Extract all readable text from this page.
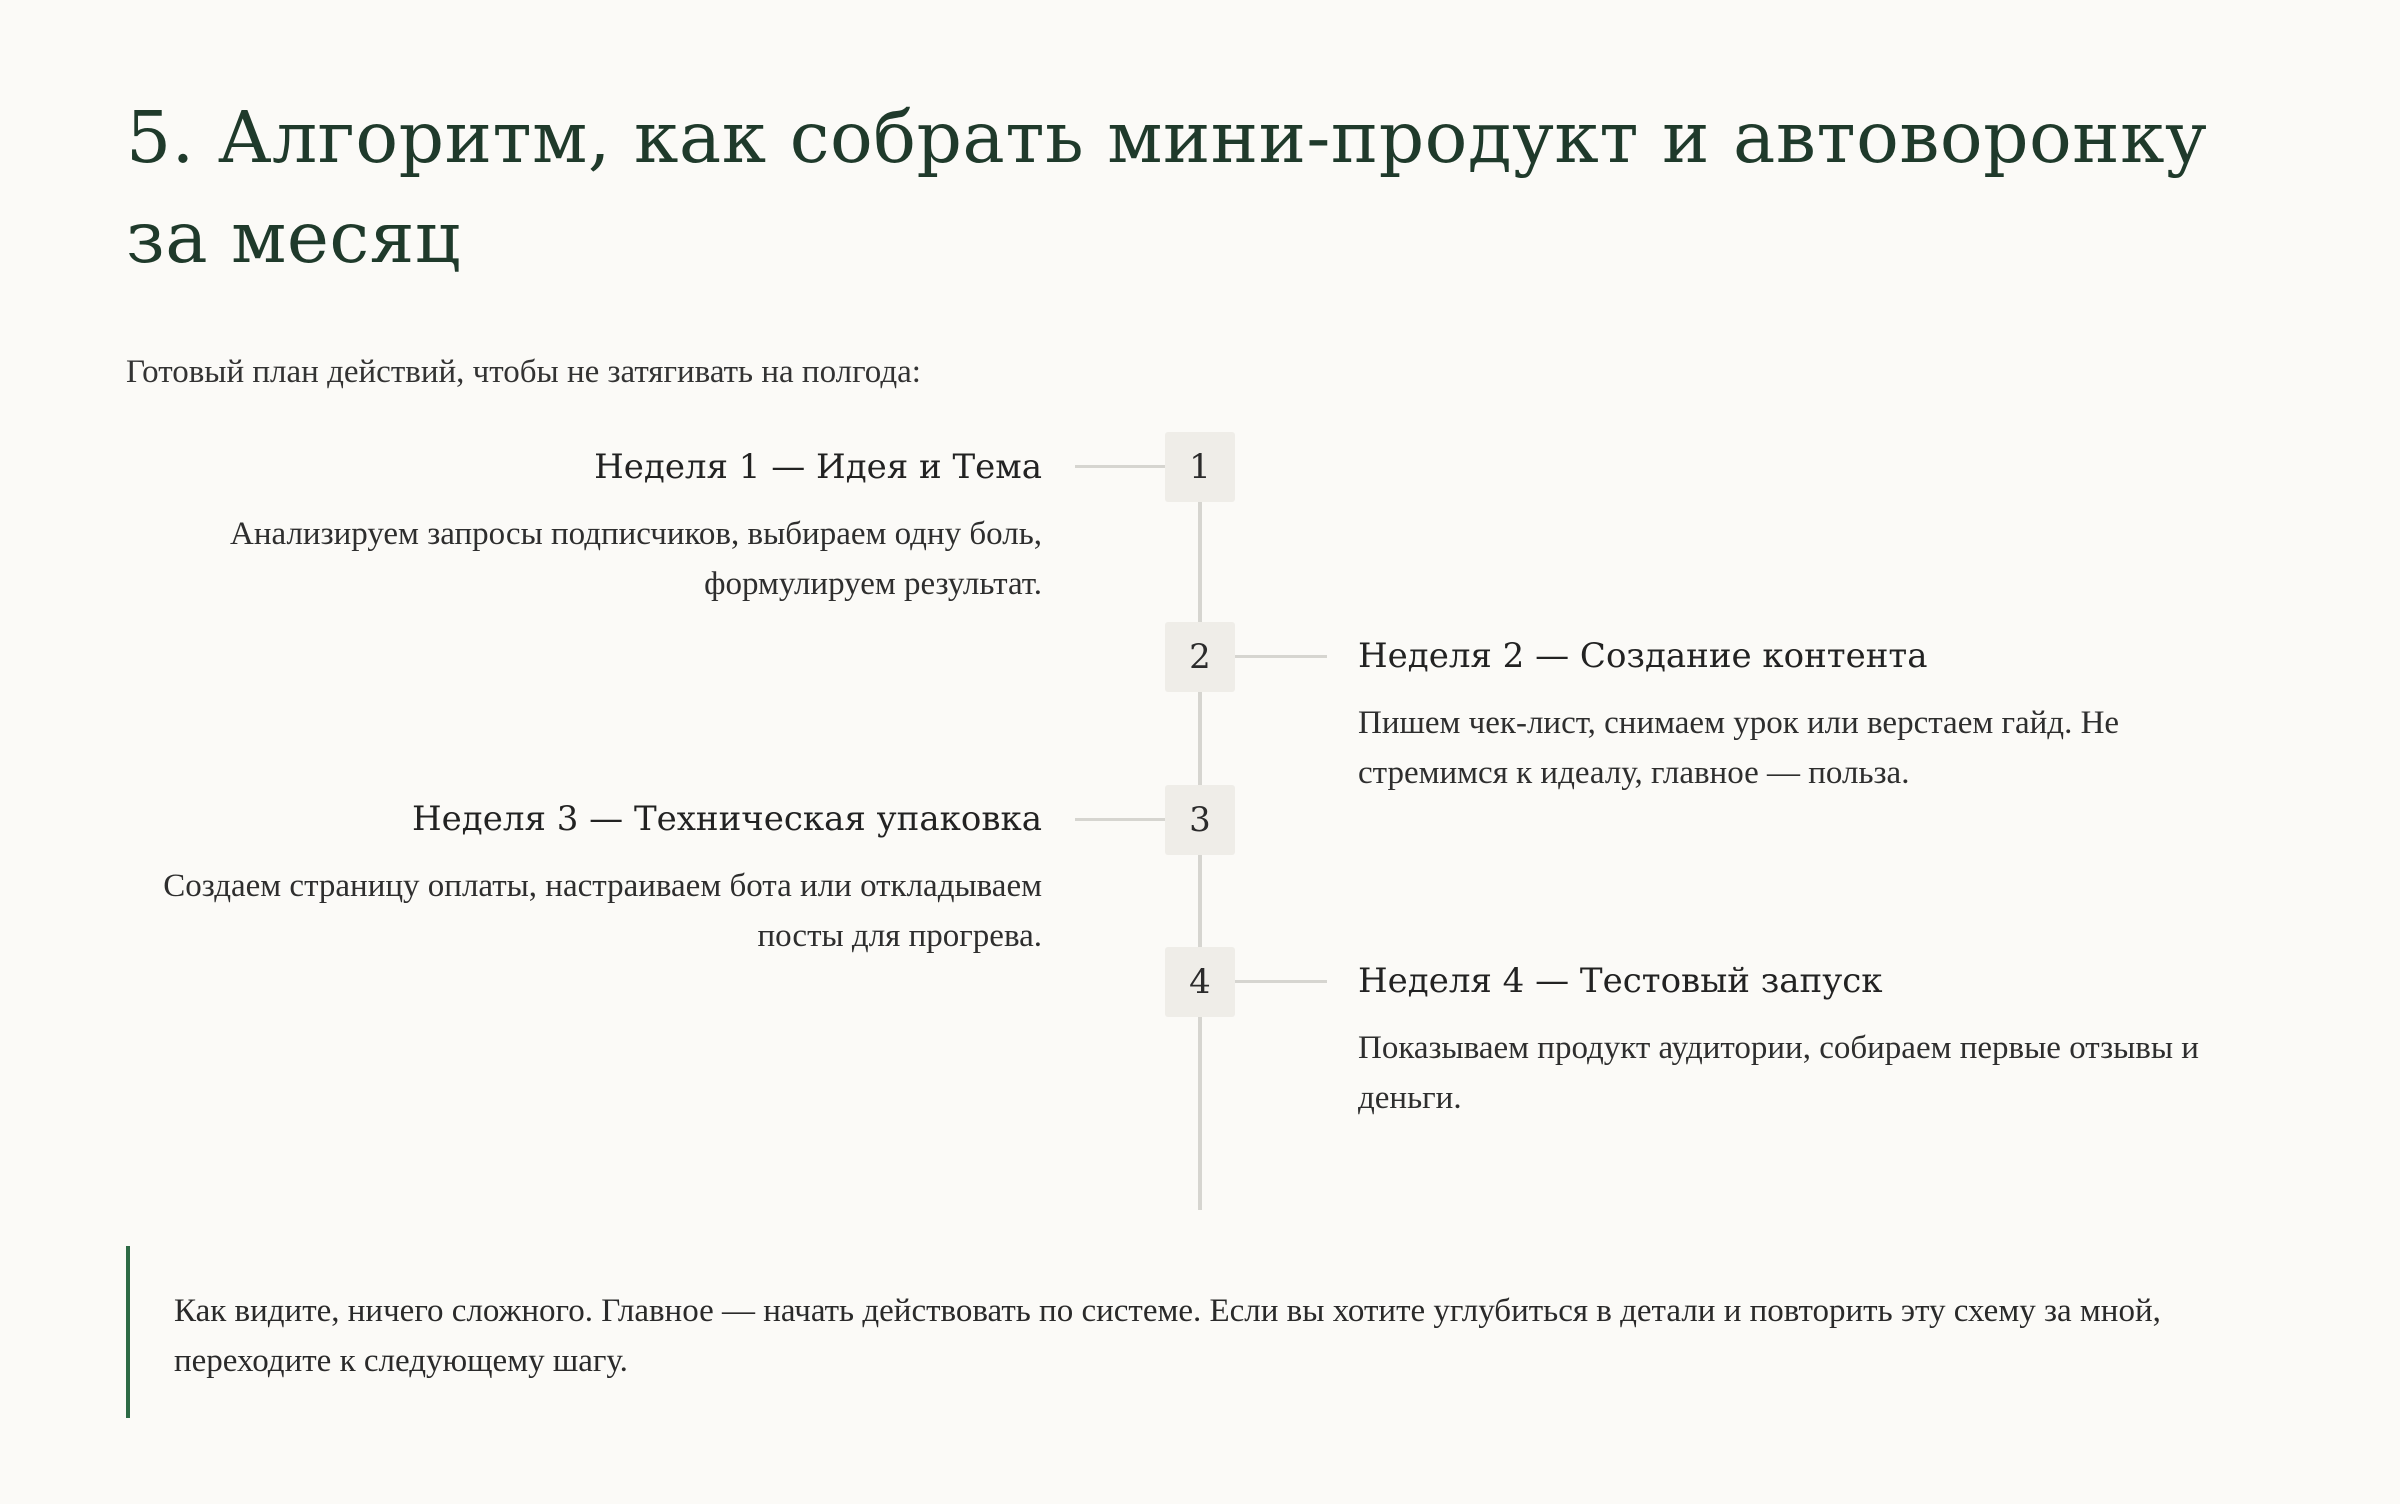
5. Алгоритм, как собрать мини-продукт и автоворонку за месяц

Готовый план действий, чтобы не затягивать на полгода:

1
Неделя 1 — Идея и Тема

Анализируем запросы подписчиков, выбираем одну боль, формулируем результат.

2	Неделя 2 — Создание контента

Пишем чек-лист, снимаем урок или верстаем гайд. Не стремимся к идеалу, главное — польза.

3
Неделя 3 — Техническая упаковка

Создаем страницу оплаты, настраиваем бота или откладываем посты для прогрева.

4	Неделя 4 — Тестовый запуск

Показываем продукт аудитории, собираем первые отзывы и деньги.

Как видите, ничего сложного. Главное — начать действовать по системе. Если вы хотите углубиться в детали и повторить эту схему за мной, переходите к следующему шагу.
